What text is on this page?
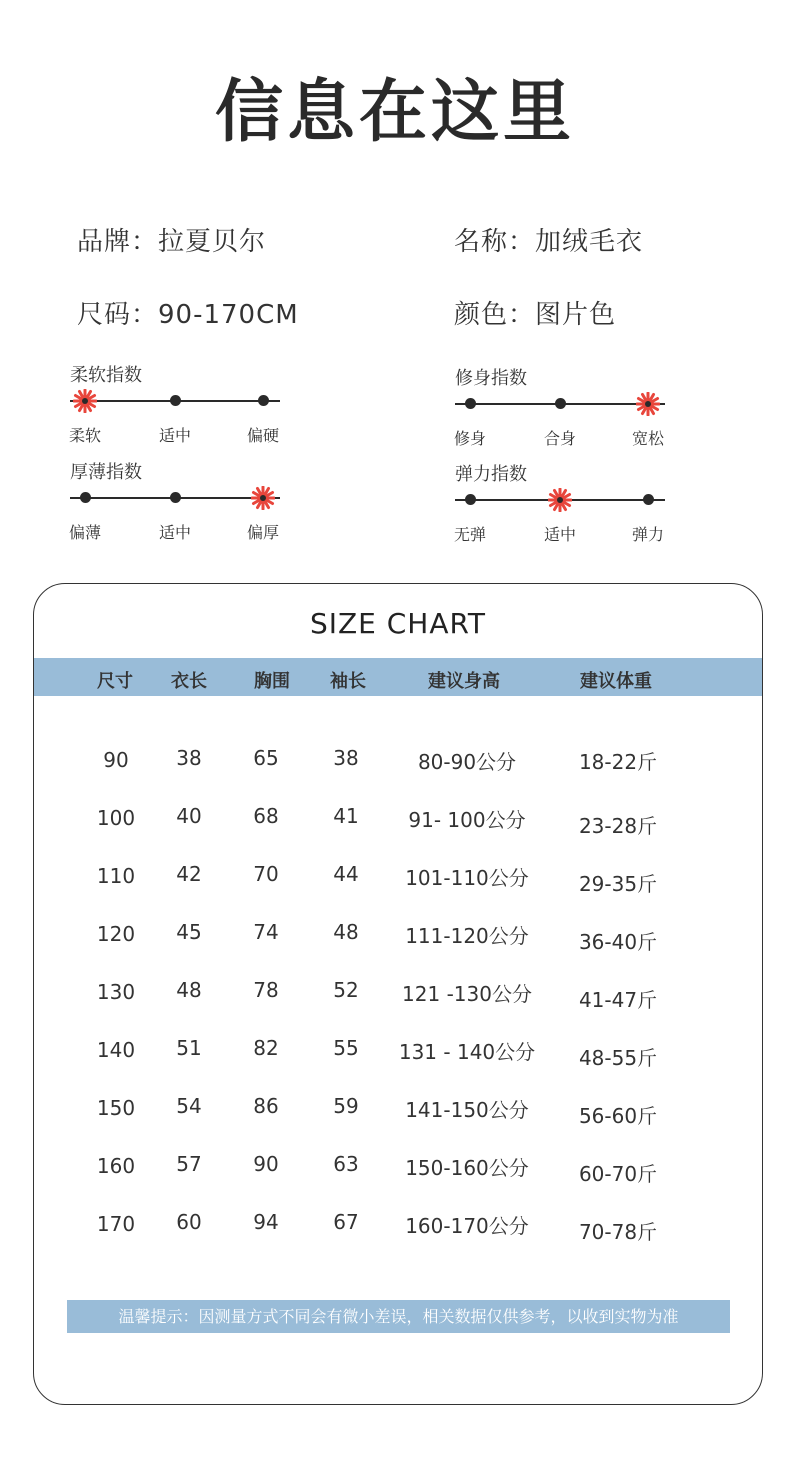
信息在这里
品牌：拉夏贝尔	名称：加绒毛衣
尺码：90-170CM	颜色：图片色
柔软指数
柔软	适中	偏硬
修身指数
修身	合身	宽松
厚薄指数
偏薄	适中	偏厚
弹力指数
无弹	适中	弹力
SIZE CHART
尺寸 衣长	胸围 袖长	建议身高	建议体重
90 38	65	38	80-90公分	18-22斤
100 40	68	41 91- 100公分	23-28斤
110 42	70	44 101-110公分	29-35斤
120 45	74	48 111-120公分	36-40斤
130 48	78	52 121 -130公分 41-47斤
140 51	82	55 131 - 140公分 48-55斤
150 54	86	59 141-150公分	56-60斤
160 57	90	63 150-160公分	60-70斤
170 60	94	67 160-170公分	70-78斤
温馨提示：因测量方式不同会有微小差误，相关数据仅供参考，以收到实物为准
